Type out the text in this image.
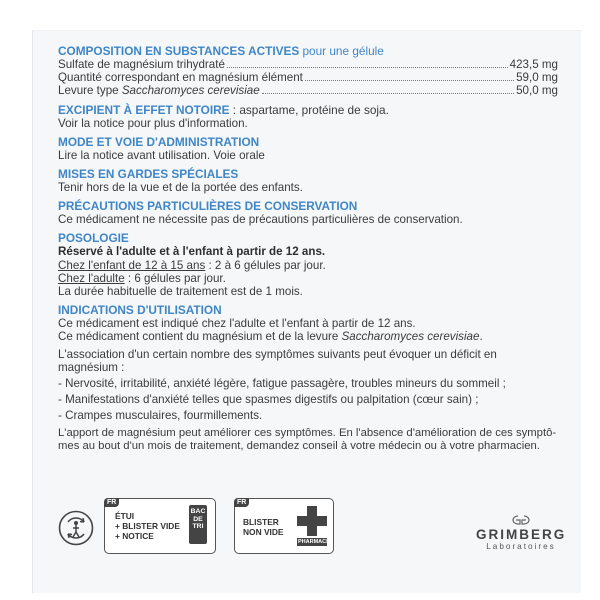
COMPOSITION EN SUBSTANCES ACTIVES pour une gélule
Sulfate de magnésium trihydraté	423,5 mg
Quantité correspondant en magnésium élément	59,0 mg
Levure type Saccharomyces cerevisiae	50,0 mg
EXCIPIENT À EFFET NOTOIRE : aspartame, protéine de soja.

Voir la notice pour plus d'information.

MODE ET VOIE D'ADMINISTRATION

Lire la notice avant utilisation. Voie orale

MISES EN GARDES SPÉCIALES

Tenir hors de la vue et de la portée des enfants.

PRÉCAUTIONS PARTICULIÈRES DE CONSERVATION

Ce médicament ne nécessite pas de précautions particulières de conservation.

POSOLOGIE

Réservé à l'adulte et à l'enfant à partir de 12 ans.

Chez l'enfant de 12 à 15 ans : 2 à 6 gélules par jour.

Chez l'adulte : 6 gélules par jour.

La durée habituelle de traitement est de 1 mois.

INDICATIONS D'UTILISATION

Ce médicament est indiqué chez l'adulte et l'enfant à partir de 12 ans.

Ce médicament contient du magnésium et de la levure Saccharomyces cerevisiae.

L'association d'un certain nombre des symptômes suivants peut évoquer un déficit en
magnésium :

- Nervosité, irritabilité, anxiété légère, fatigue passagère, troubles mineurs du sommeil ;

- Manifestations d'anxiété telles que spasmes digestifs ou palpitation (cœur sain) ;

- Crampes musculaires, fourmillements.

L'apport de magnésium peut améliorer ces symptômes. En l'absence d'amélioration de ces symptô-
mes au bout d'un mois de traitement, demandez conseil à votre médecin ou à votre pharmacien.

FR
ÉTUI
+ BLISTER VIDE
+ NOTICE
BAC
DE
TRI
FR
BLISTER
NON VIDE
PHARMACIE	GRIMBERG
Laboratoires
